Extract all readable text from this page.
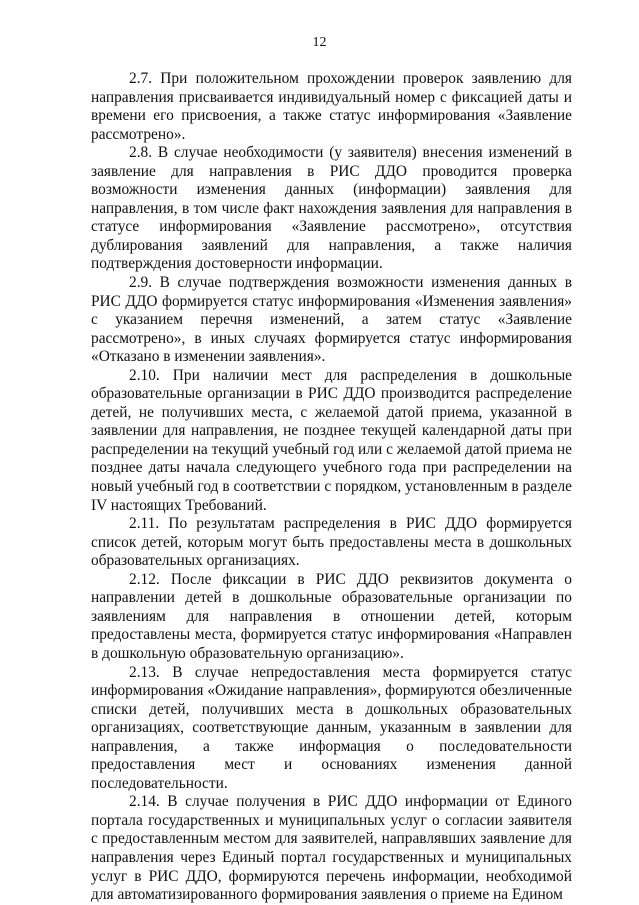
12

2.7. При положительном прохождении проверок заявлению для направления присваивается индивидуальный номер с фиксацией даты и времени его присвоения, а также статус информирования «Заявление рассмотрено».

2.8. В случае необходимости (у заявителя) внесения изменений в заявление для направления в РИС ДДО проводится проверка возможности изменения данных (информации) заявления для направления, в том числе факт нахождения заявления для направления в статусе информирования «Заявление рассмотрено», отсутствия дублирования заявлений для направления, а также наличия подтверждения достоверности информации.

2.9. В случае подтверждения возможности изменения данных в РИС ДДО формируется статус информирования «Изменения заявления» с указанием перечня изменений, а затем статус «Заявление рассмотрено», в иных случаях формируется статус информирования «Отказано в изменении заявления».

2.10. При наличии мест для распределения в дошкольные образовательные организации в РИС ДДО производится распределение детей, не получивших места, с желаемой датой приема, указанной в заявлении для направления, не позднее текущей календарной даты при распределении на текущий учебный год или с желаемой датой приема не позднее даты начала следующего учебного года при распределении на новый учебный год в соответствии с порядком, установленным в разделе IV настоящих Требований.

2.11. По результатам распределения в РИС ДДО формируется список детей, которым могут быть предоставлены места в дошкольных образовательных организациях.

2.12. После фиксации в РИС ДДО реквизитов документа о направлении детей в дошкольные образовательные организации по заявлениям для направления в отношении детей, которым предоставлены места, формируется статус информирования «Направлен в дошкольную образовательную организацию».

2.13. В случае непредоставления места формируется статус информирования «Ожидание направления», формируются обезличенные списки детей, получивших места в дошкольных образовательных организациях, соответствующие данным, указанным в заявлении для направления, а также информация о последовательности предоставления мест и основаниях изменения данной последовательности.

2.14. В случае получения в РИС ДДО информации от Единого портала государственных и муниципальных услуг о согласии заявителя с предоставленным местом для заявителей, направлявших заявление для направления через Единый портал государственных и муниципальных услуг в РИС ДДО, формируются перечень информации, необходимой для автоматизированного формирования заявления о приеме на Едином
